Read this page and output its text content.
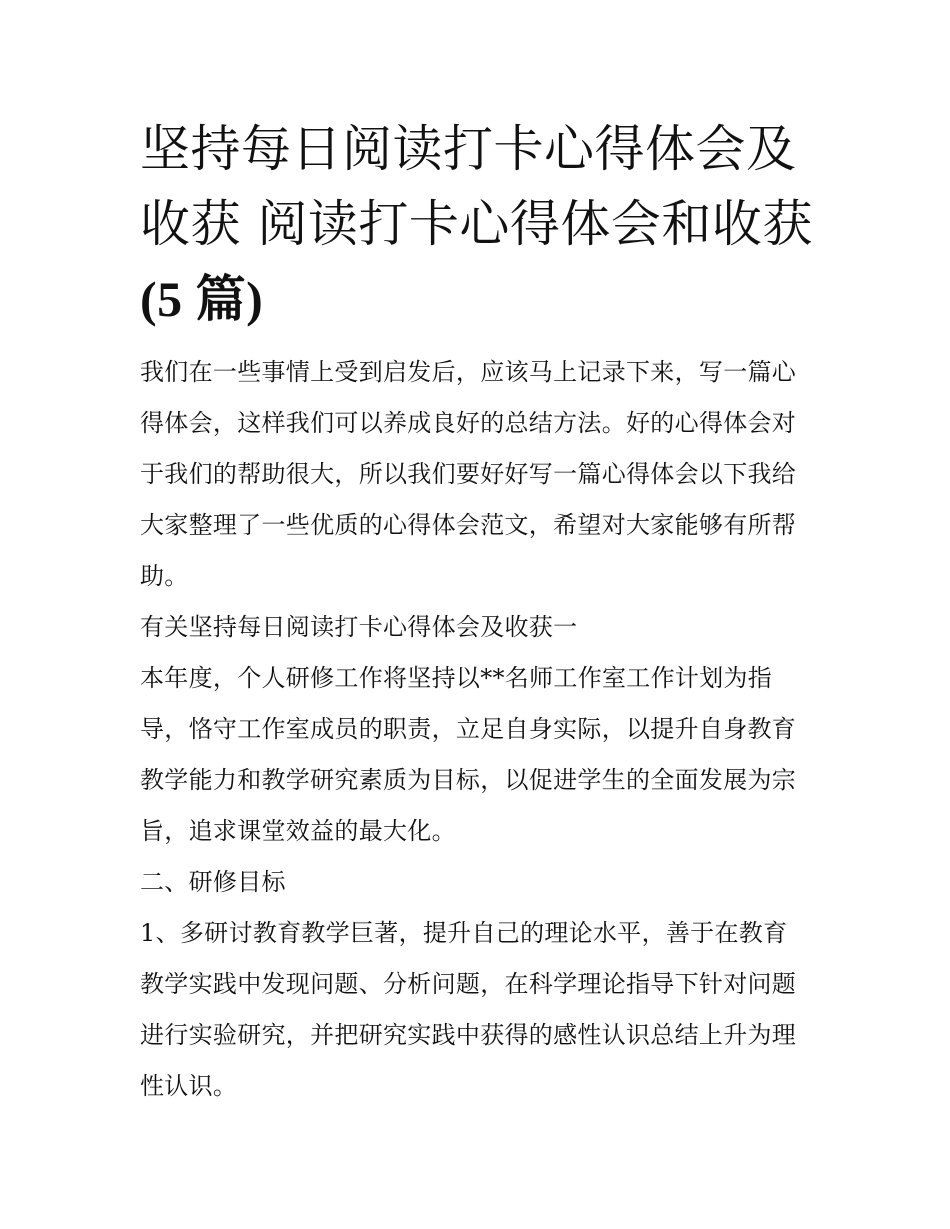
坚持每日阅读打卡心得体会及
收获 阅读打卡心得体会和收获
(5 篇)

我们在一些事情上受到启发后，应该马上记录下来，写一篇心
得体会，这样我们可以养成良好的总结方法。好的心得体会对
于我们的帮助很大，所以我们要好好写一篇心得体会以下我给
大家整理了一些优质的心得体会范文，希望对大家能够有所帮
助。

有关坚持每日阅读打卡心得体会及收获一

本年度，个人研修工作将坚持以**名师工作室工作计划为指
导，恪守工作室成员的职责，立足自身实际，以提升自身教育
教学能力和教学研究素质为目标，以促进学生的全面发展为宗
旨，追求课堂效益的最大化。

二、研修目标

1、多研讨教育教学巨著，提升自己的理论水平，善于在教育
教学实践中发现问题、分析问题，在科学理论指导下针对问题
进行实验研究，并把研究实践中获得的感性认识总结上升为理
性认识。
